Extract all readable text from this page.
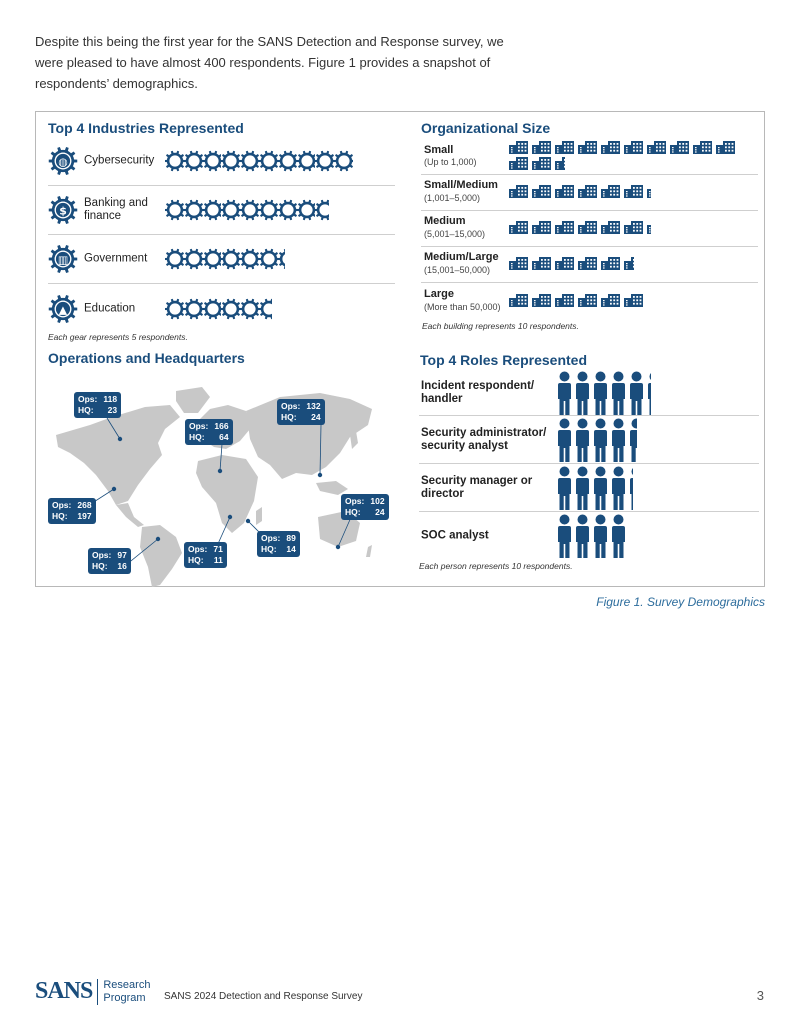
Despite this being the first year for the SANS Detection and Response survey, we were pleased to have almost 400 respondents. Figure 1 provides a snapshot of respondents’ demographics.

Top 4 Industries Represented
◍ Cybersecurity
$
Banking and finance
▥ Government
▲ Education
Each gear represents 5 respondents.
Organizational Size
Small
(Up to 1,000)
Small/Medium
(1,001–5,000)
Medium
(5,001–15,000)
Medium/Large
(15,001–50,000)
Large
(More than 50,000)
Each building represents 10 respondents.
Operations and Headquarters
Ops: 118
HQ: 23
Ops: 166
HQ: 64
Ops: 132
HQ: 24
Ops: 268
HQ: 197
Ops: 102
HQ: 24
Ops: 89
HQ: 14
Ops: 71
HQ: 11
Ops: 97
HQ: 16
Top 4 Roles Represented
Incident respondent/ handler
Security administrator/ security analyst
Security manager or director
SOC analyst
Each person represents 10 respondents.
Figure 1. Survey Demographics
SANS Research
Program	SANS 2024 Detection and Response Survey	3
